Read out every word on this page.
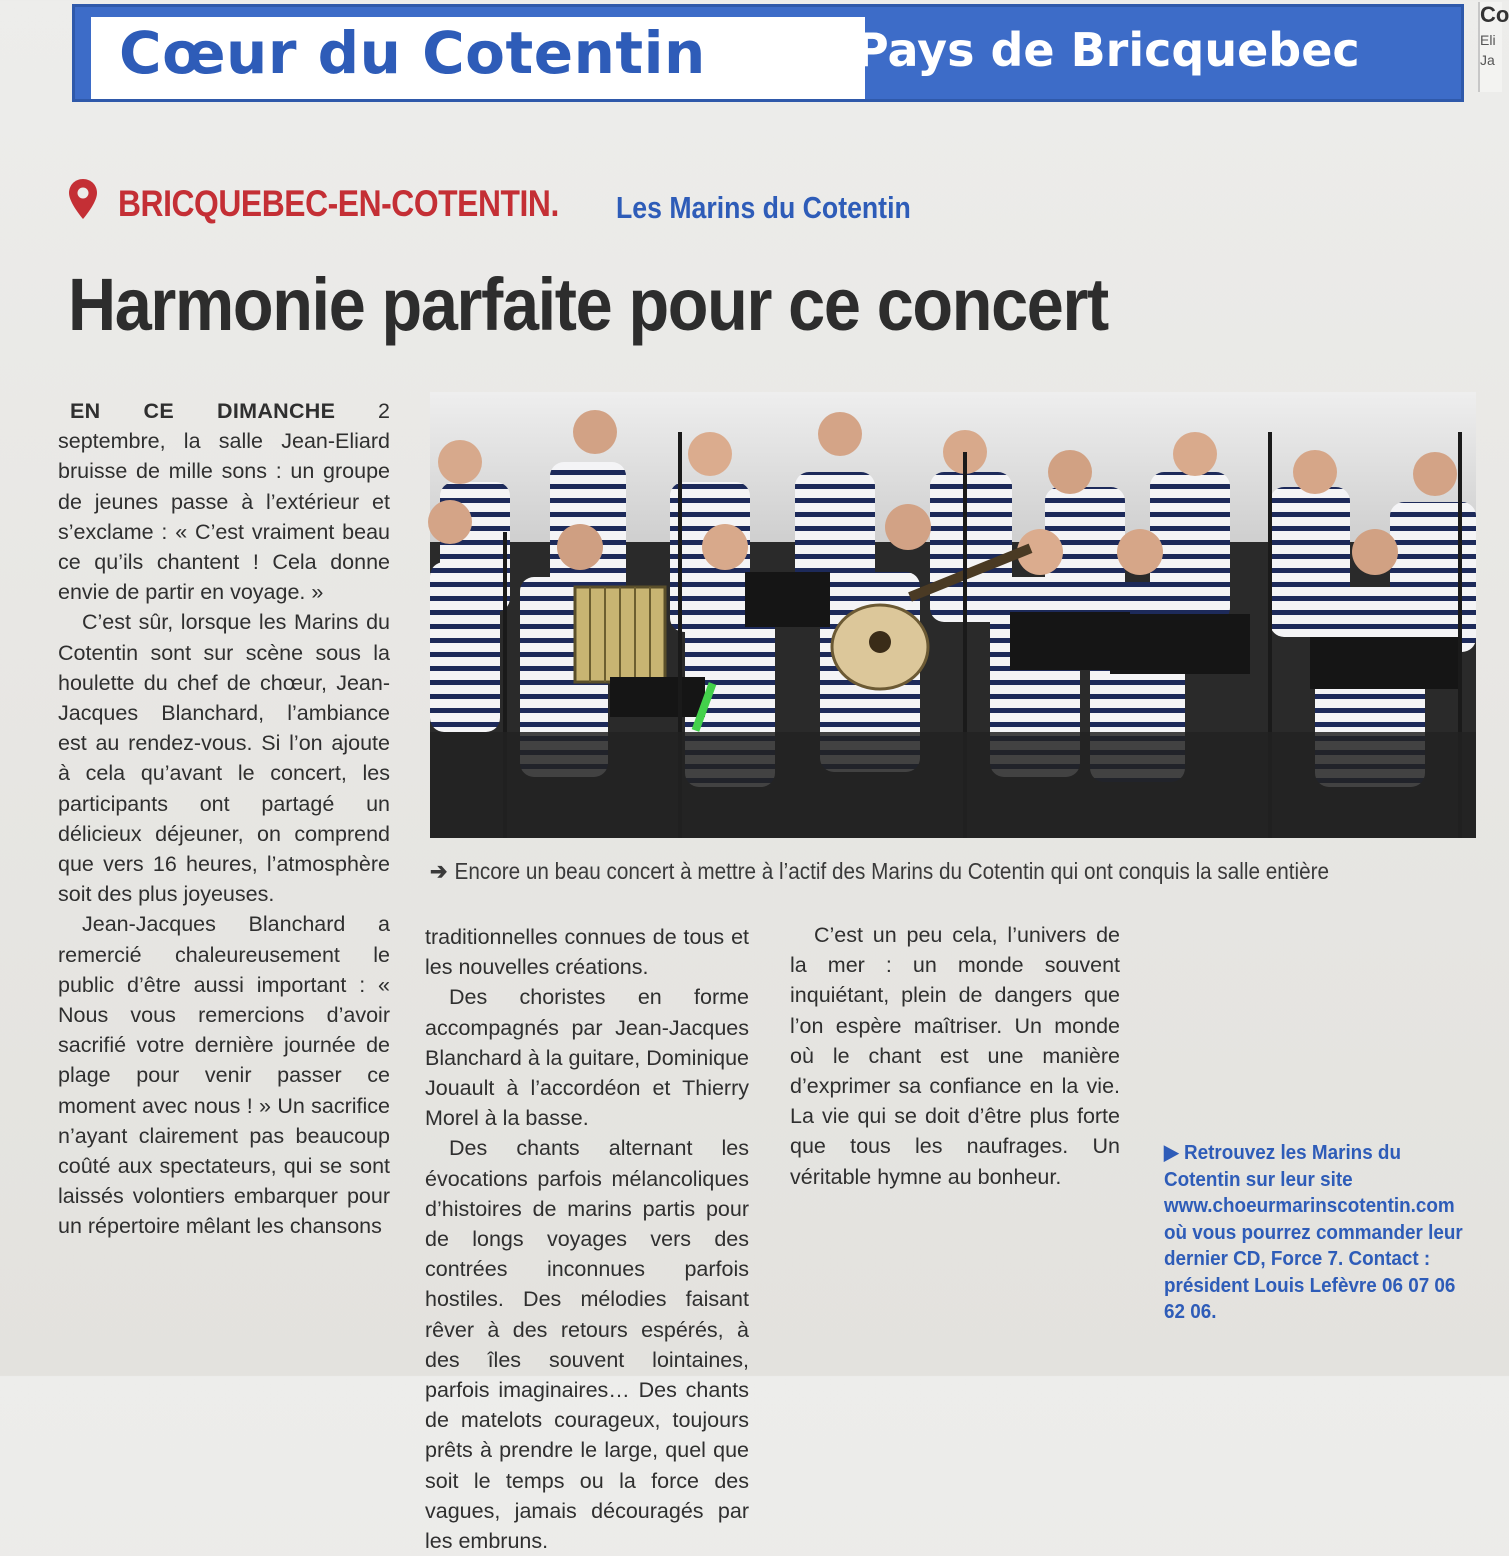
Cœur du Cotentin	Pays de Bricquebec
Co
Eli
Ja
BRICQUEBEC-EN-COTENTIN. Les Marins du Cotentin
Harmonie parfaite pour ce concert
➔ Encore un beau concert à mettre à l’actif des Marins du Cotentin qui ont conquis la salle entière

EN CE DIMANCHE 2 septembre, la salle Jean-Eliard bruisse de mille sons : un groupe de jeunes passe à l’extérieur et s’exclame : « C’est vraiment beau ce qu’ils chantent ! Cela donne envie de partir en voyage. »

C’est sûr, lorsque les Marins du Cotentin sont sur scène sous la houlette du chef de chœur, Jean-Jacques Blanchard, l’ambiance est au rendez-vous. Si l’on ajoute à cela qu’avant le concert, les participants ont partagé un délicieux déjeuner, on comprend que vers 16 heures, l’atmosphère soit des plus joyeuses.

Jean-Jacques Blanchard a remercié chaleureusement le public d’être aussi important : « Nous vous remercions d’avoir sacrifié votre dernière journée de plage pour venir passer ce moment avec nous ! » Un sacrifice n’ayant clairement pas beaucoup coûté aux spectateurs, qui se sont laissés volontiers embarquer pour un répertoire mêlant les chansons

traditionnelles connues de tous et les nouvelles créations.

Des choristes en forme accompagnés par Jean-Jacques Blanchard à la guitare, Dominique Jouault à l’accordéon et Thierry Morel à la basse.

Des chants alternant les évocations parfois mélancoliques d’histoires de marins partis pour de longs voyages vers des contrées inconnues parfois hostiles. Des mélodies faisant rêver à des retours espérés, à des îles souvent lointaines, parfois imaginaires… Des chants de matelots courageux, toujours prêts à prendre le large, quel que soit le temps ou la force des vagues, jamais découragés par les embruns.

C’est un peu cela, l’univers de la mer : un monde souvent inquiétant, plein de dangers que l’on espère maîtriser. Un monde où le chant est une manière d’exprimer sa confiance en la vie. La vie qui se doit d’être plus forte que tous les naufrages. Un véritable hymne au bonheur.

▶ Retrouvez les Marins du Cotentin sur leur site www.choeurmarinscotentin.com où vous pourrez commander leur dernier CD, Force 7. Contact : président Louis Lefèvre 06 07 06 62 06.
